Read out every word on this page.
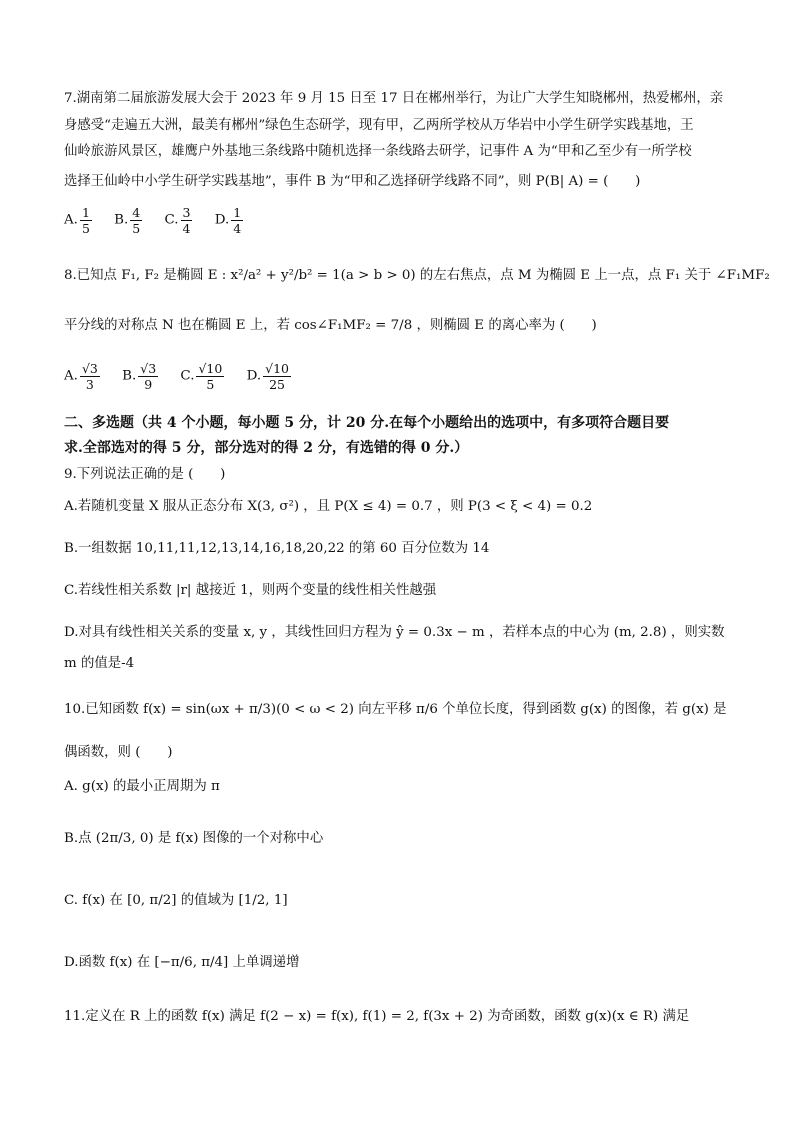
7.湖南第二届旅游发展大会于 2023 年 9 月 15 日至 17 日在郴州举行，为让广大学生知晓郴州，热爱郴州，亲
身感受“走遍五大洲，最美有郴州”绿色生态研学，现有甲，乙两所学校从万华岩中小学生研学实践基地，王
仙岭旅游风景区，雄鹰户外基地三条线路中随机选择一条线路去研学，记事件 A 为“甲和乙至少有一所学校
选择王仙岭中小学生研学实践基地”，事件 B 为“甲和乙选择研学线路不同”，则 P(B| A) = (　　)
A. $\frac{1}{5} B$. $\frac{4}{5} C$. $\frac{3}{4} D$. $\frac{1}{4}$
8.已知点 F₁, F₂ 是椭圆 E : x²/a² + y²/b² = 1(a > b > 0) 的左右焦点，点 M 为椭圆 E 上一点，点 F₁ 关于 ∠F₁MF₂
平分线的对称点 N 也在椭圆 E 上，若 cos∠F₁MF₂ = 7/8 ，则椭圆 E 的离心率为 (　　)
A. $\frac{√3}{3} B$. $\frac{√3}{9} C$. $\frac{√10}{5} D$. $\frac{√10}{25}$
二、多选题（共 4 个小题，每小题 5 分，计 20 分.在每个小题给出的选项中，有多项符合题目要
求.全部选对的得 5 分，部分选对的得 2 分，有选错的得 0 分.）
9.下列说法正确的是 (　　)
A.若随机变量 X 服从正态分布 X(3, σ²) ，且 P(X ≤ 4) = 0.7 ，则 P(3 < ξ < 4) = 0.2
B.一组数据 10,11,11,12,13,14,16,18,20,22 的第 60 百分位数为 14
C.若线性相关系数 |r| 越接近 1，则两个变量的线性相关性越强
D.对具有线性相关关系的变量 x, y ，其线性回归方程为 ŷ = 0.3x − m ，若样本点的中心为 (m, 2.8) ，则实数
m 的值是-4
10.已知函数 f(x) = sin(ωx + π/3)(0 < ω < 2) 向左平移 π/6 个单位长度，得到函数 g(x) 的图像，若 g(x) 是
偶函数，则 (　　)
A. g(x) 的最小正周期为 π
B.点 (2π/3, 0) 是 f(x) 图像的一个对称中心
C. f(x) 在 [0, π/2] 的值域为 [1/2, 1]
D.函数 f(x) 在 [−π/6, π/4] 上单调递增
11.定义在 R 上的函数 f(x) 满足 f(2 − x) = f(x), f(1) = 2, f(3x + 2) 为奇函数，函数 g(x)(x ∈ R) 满足
